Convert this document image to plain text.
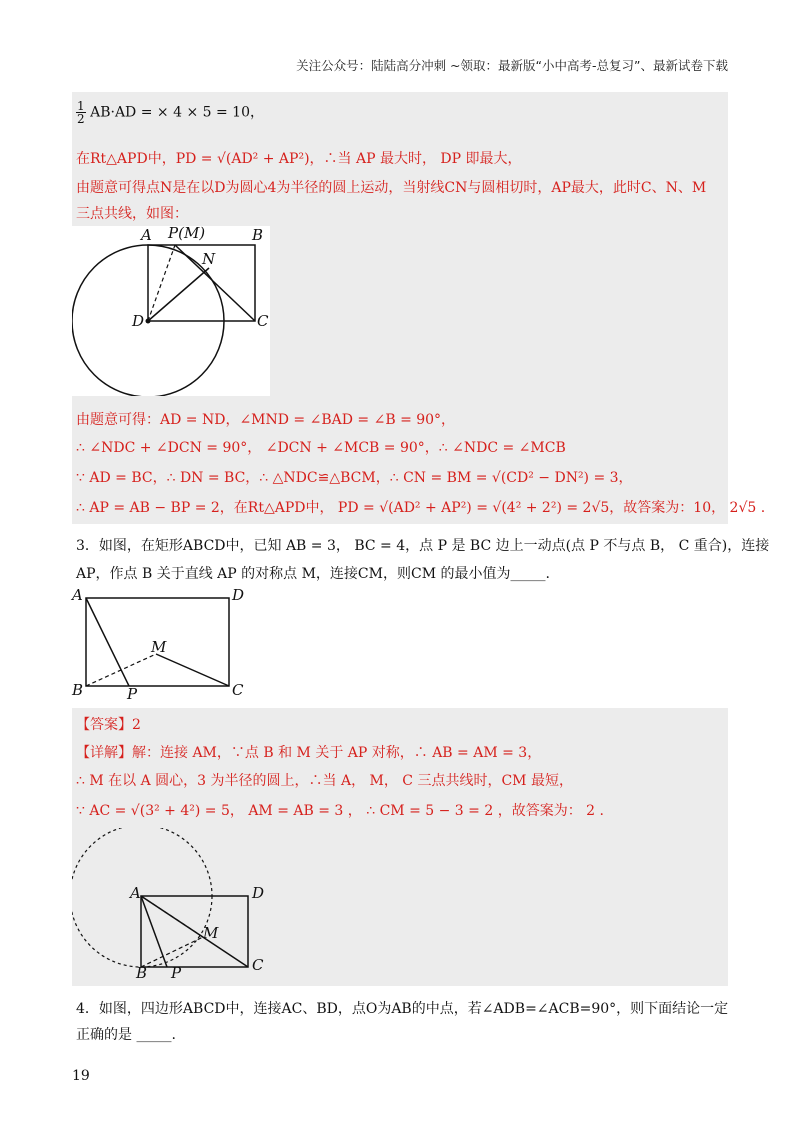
关注公众号：陆陆高分冲刺 ~领取：最新版“小中高考-总复习”、最新试卷下载
$\frac{1}{2} AB\cdot AD$ = × 4 × 5 = 10，
在Rt△APD中，PD = √(AD² + AP²)，∴当 AP 最大时， DP 即最大，
由题意可得点N是在以D为圆心4为半径的圆上运动，当射线CN与圆相切时，AP最大，此时C、N、M
三点共线，如图：
A P(M)	B
N
D	C
由题意可得：AD = ND，∠MND = ∠BAD = ∠B = 90°，
∴ ∠NDC + ∠DCN = 90°， ∠DCN + ∠MCB = 90°，∴ ∠NDC = ∠MCB
∵ AD = BC，∴ DN = BC，∴ △NDC≌△BCM，∴ CN = BM = √(CD² − DN²) = 3，
∴ AP = AB − BP = 2，在Rt△APD中， PD = √(AD² + AP²) = √(4² + 2²) = 2√5，故答案为：10， 2√5 .
3．如图，在矩形ABCD中，已知 AB = 3， BC = 4，点 P 是 BC 边上一动点(点 P 不与点 B， C 重合)，连接
AP，作点 B 关于直线 AP 的对称点 M，连接CM，则CM 的最小值为_____.
A	D
M
B	P	C
【答案】2
【详解】解：连接 AM，∵点 B 和 M 关于 AP 对称，∴ AB = AM = 3，
∴ M 在以 A 圆心，3 为半径的圆上，∴当 A， M， C 三点共线时，CM 最短，
∵ AC = √(3² + 4²) = 5， AM = AB = 3 ， ∴ CM = 5 − 3 = 2 ，故答案为： 2 .
A	D
M
B P	C
4．如图，四边形ABCD中，连接AC、BD，点O为AB的中点，若∠ADB=∠ACB=90°，则下面结论一定
正确的是 _____.
19
